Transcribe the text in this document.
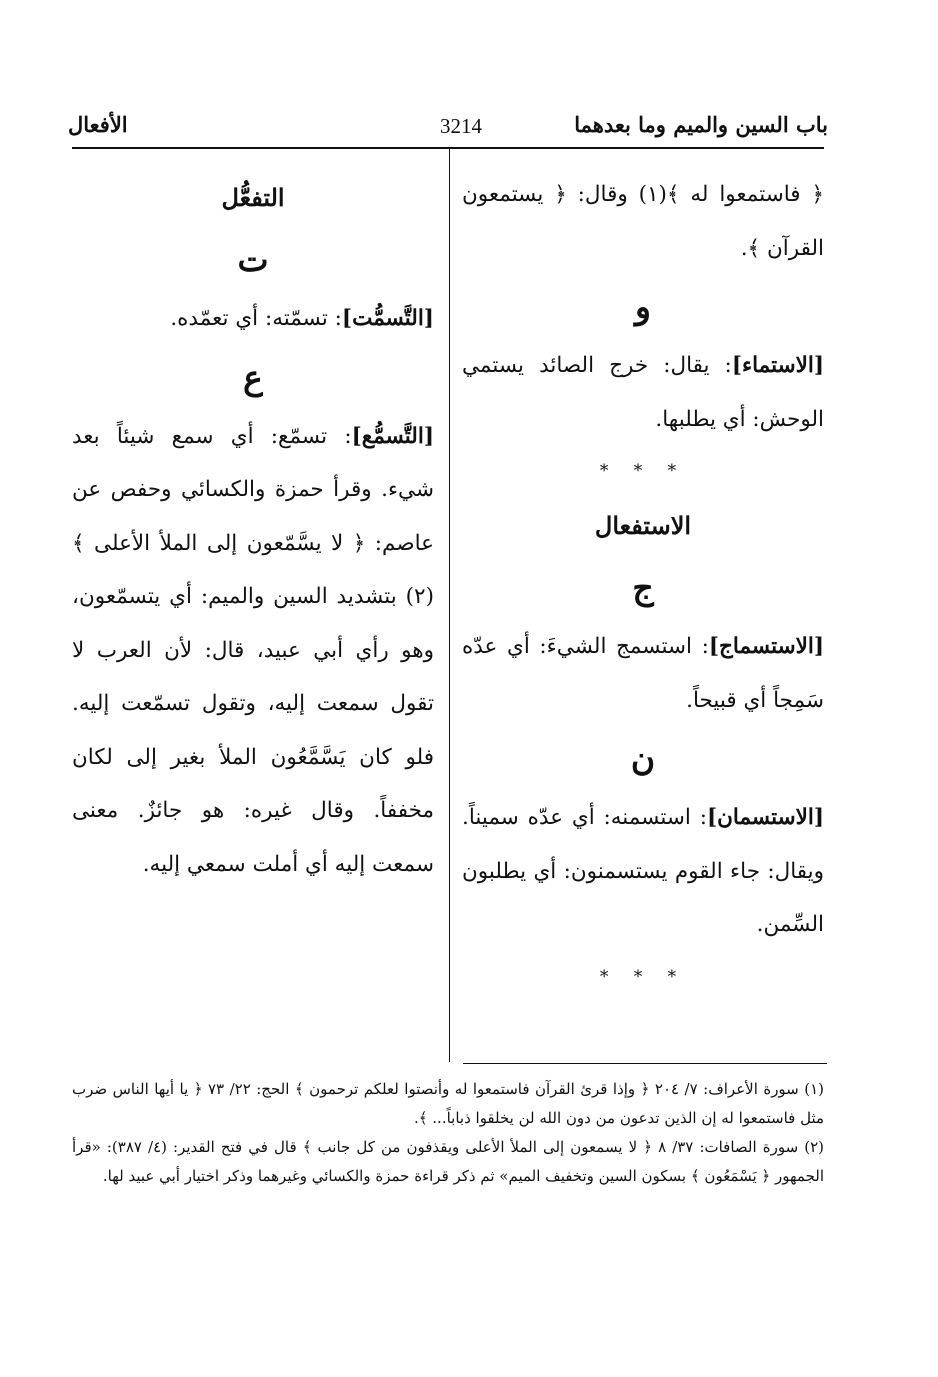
باب السين والميم وما بعدهما
3214
الأفعال

﴿ فاستمعوا له ﴾(١) وقال: ﴿ يستمعون القرآن ﴾.

و

[الاستماء]: يقال: خرج الصائد يستمي الوحش: أي يطلبها.

* * *

الاستفعال

ج

[الاستسماج]: استسمج الشيءَ: أي عدّه سَمِجاً أي قبيحاً.

ن

[الاستسمان]: استسمنه: أي عدّه سميناً. ويقال: جاء القوم يستسمنون: أي يطلبون السِّمن.

* * *

التفعُّل

ت

[التَّسمُّت]: تسمّته: أي تعمّده.

ع

[التَّسمُّع]: تسمّع: أي سمع شيئاً بعد شيء. وقرأ حمزة والكسائي وحفص عن عاصم: ﴿ لا يسَّمّعون إلى الملأ الأعلى ﴾(٢) بتشديد السين والميم: أي يتسمّعون، وهو رأي أبي عبيد، قال: لأن العرب لا تقول سمعت إليه، وتقول تسمّعت إليه. فلو كان يَسَّمَّعُون الملأ بغير إلى لكان مخففاً. وقال غيره: هو جائزٌ. معنى سمعت إليه أي أملت سمعي إليه.

(١) سورة الأعراف: ٧/ ٢٠٤ ﴿ وإذا قرئ القرآن فاستمعوا له وأنصتوا لعلكم ترحمون ﴾ الحج: ٢٢/ ٧٣ ﴿ يا أيها الناس ضرب مثل فاستمعوا له إن الذين تدعون من دون الله لن يخلقوا ذباباً... ﴾.

(٢) سورة الصافات: ٣٧/ ٨ ﴿ لا يسمعون إلى الملأ الأعلى ويقذفون من كل جانب ﴾ قال في فتح القدير: (٤/ ٣٨٧): «قرأ الجمهور ﴿ يَسْمَعُون ﴾ بسكون السين وتخفيف الميم» ثم ذكر قراءة حمزة والكسائي وغيرهما وذكر اختيار أبي عبيد لها.
